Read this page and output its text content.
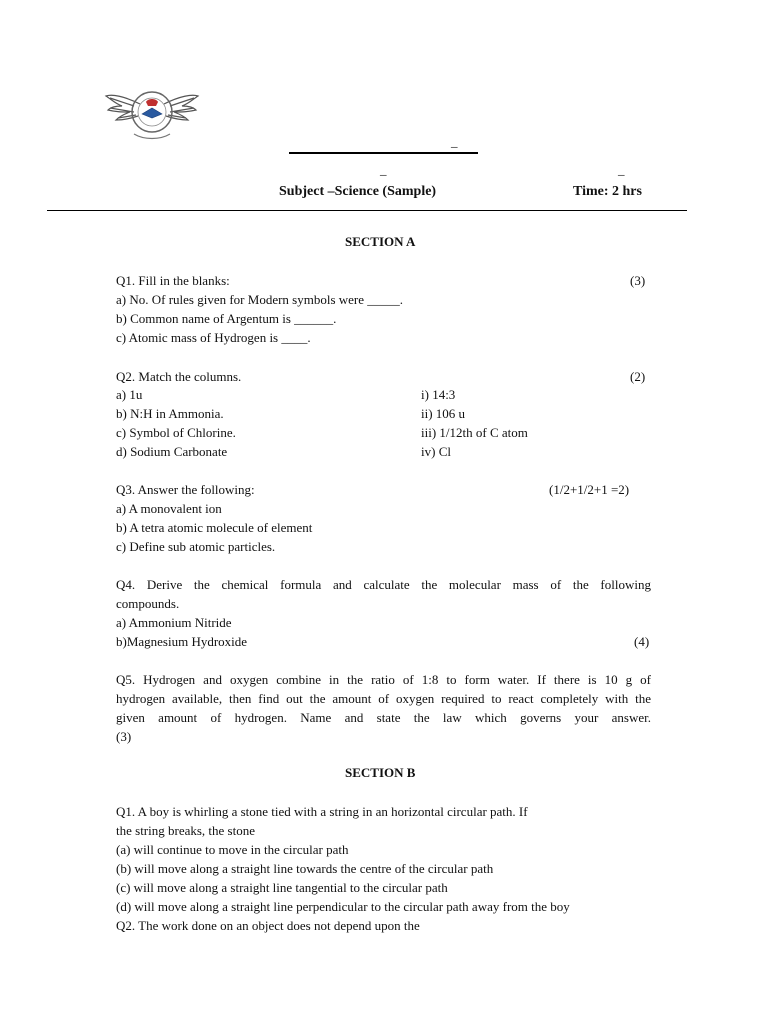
_
_	_
Subject –Science (Sample)	Time: 2 hrs
SECTION A
Q1. Fill in the blanks:	(3)
a) No. Of rules given for Modern symbols were _____.
b) Common name of Argentum is ______.
c) Atomic mass of Hydrogen is ____.
Q2. Match the columns.	(2)
a) 1u	i) 14:3
b) N:H in Ammonia.	ii) 106 u
c) Symbol of Chlorine.	iii) 1/12th of C atom
d) Sodium Carbonate	iv) Cl
Q3. Answer the following:	(1/2+1/2+1 =2)
a) A monovalent ion
b) A tetra atomic molecule of element
c) Define sub atomic particles.
Q4. Derive the chemical formula and calculate the molecular mass of the following
compounds.
a) Ammonium Nitride
b)Magnesium Hydroxide	(4)
Q5. Hydrogen and oxygen combine in the ratio of 1:8 to form water. If there is 10 g of
hydrogen available, then find out the amount of oxygen required to react completely with the
given amount of hydrogen. Name and state the law which governs your answer.
(3)
SECTION B
Q1. A boy is whirling a stone tied with a string in an horizontal circular path. If
the string breaks, the stone
(a) will continue to move in the circular path
(b) will move along a straight line towards the centre of the circular path
(c) will move along a straight line tangential to the circular path
(d) will move along a straight line perpendicular to the circular path away from the boy
Q2. The work done on an object does not depend upon the
